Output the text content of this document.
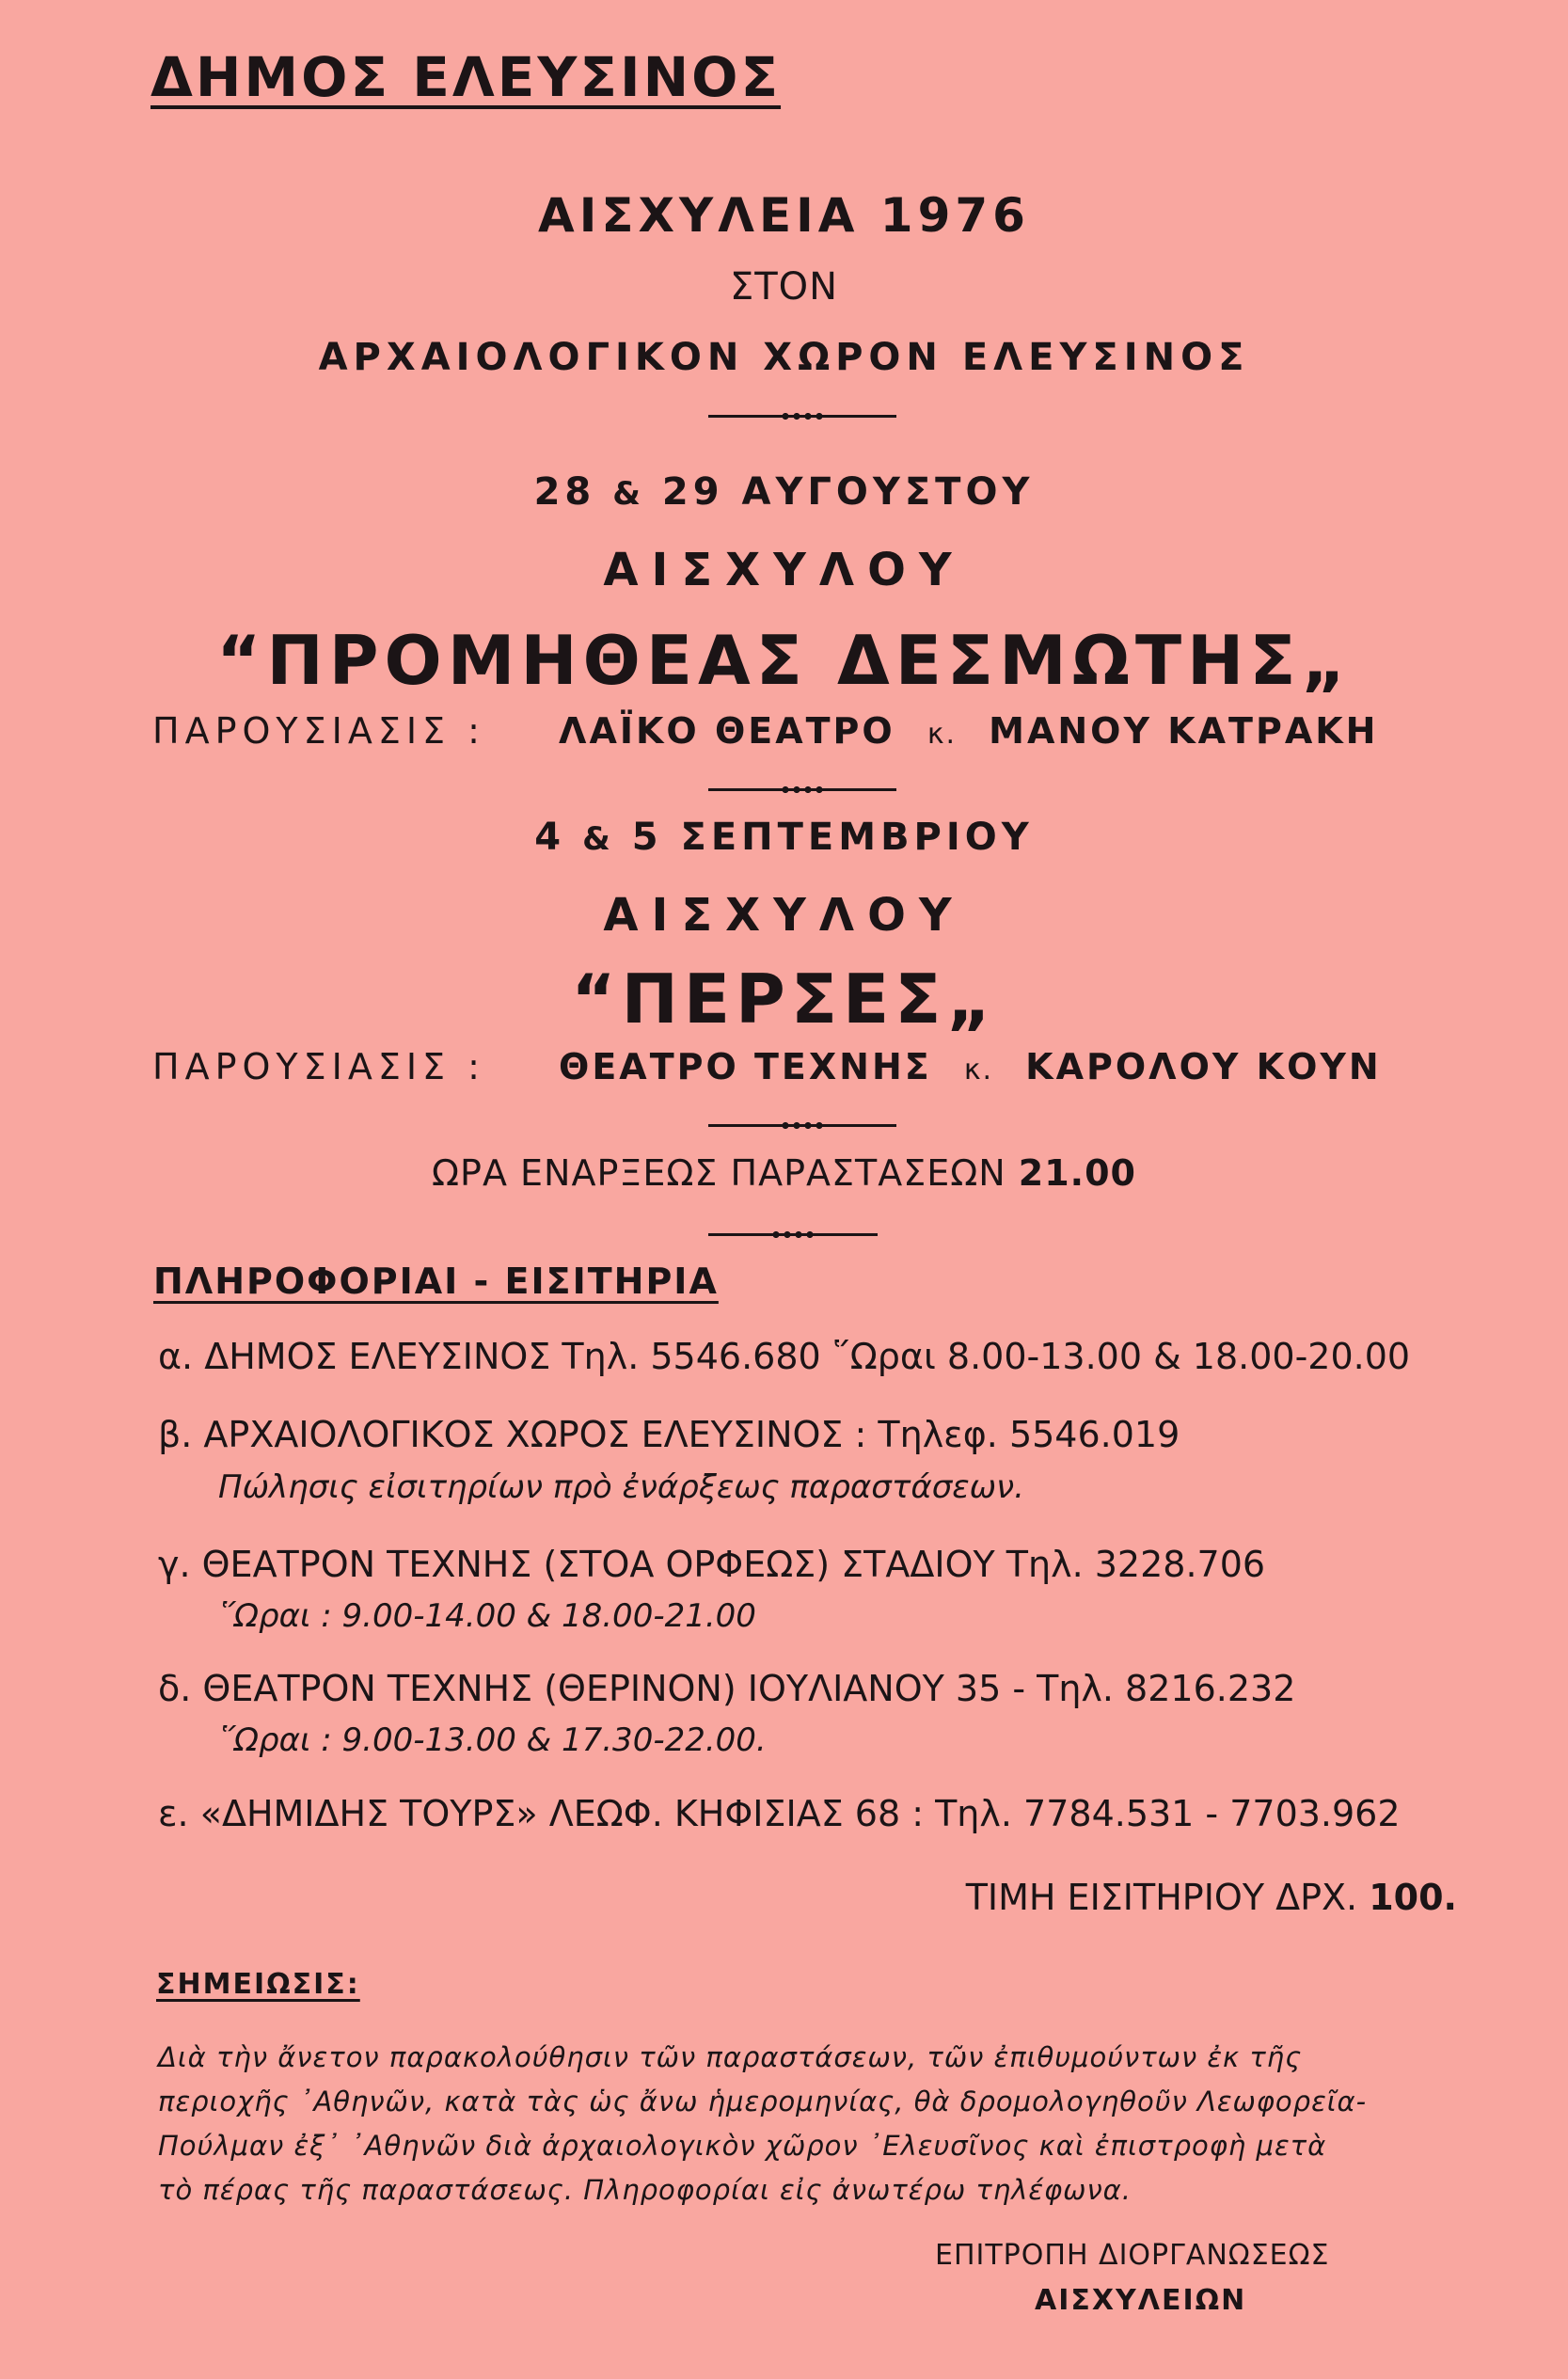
ΔΗΜΟΣ ΕΛΕΥΣΙΝΟΣ
ΑΙΣΧΥΛΕΙΑ 1976
ΣΤΟΝ
ΑΡΧΑΙΟΛΟΓΙΚΟΝ ΧΩΡΟΝ ΕΛΕΥΣΙΝΟΣ
28 & 29 ΑΥΓΟΥΣΤΟΥ
ΑΙΣΧΥΛΟΥ
“ΠΡΟΜΗΘΕΑΣ ΔΕΣΜΩΤΗΣ„
ΠΑΡΟΥΣΙΑΣΙΣ : ΛΑΪΚΟ ΘΕΑΤΡΟ κ. ΜΑΝΟΥ ΚΑΤΡΑΚΗ
4 & 5 ΣΕΠΤΕΜΒΡΙΟΥ
ΑΙΣΧΥΛΟΥ
“ΠΕΡΣΕΣ„
ΠΑΡΟΥΣΙΑΣΙΣ : ΘΕΑΤΡΟ ΤΕΧΝΗΣ κ. ΚΑΡΟΛΟΥ ΚΟΥΝ
ΩΡΑ ΕΝΑΡΞΕΩΣ ΠΑΡΑΣΤΑΣΕΩΝ 21.00
ΠΛΗΡΟΦΟΡΙΑΙ - ΕΙΣΙΤΗΡΙΑ
α. ΔΗΜΟΣ ΕΛΕΥΣΙΝΟΣ Τηλ. 5546.680 ῞Ωραι 8.00-13.00 & 18.00-20.00
β. ΑΡΧΑΙΟΛΟΓΙΚΟΣ ΧΩΡΟΣ ΕΛΕΥΣΙΝΟΣ : Τηλεφ. 5546.019
Πώλησις εἰσιτηρίων πρὸ ἐνάρξεως παραστάσεων.
γ. ΘΕΑΤΡΟΝ ΤΕΧΝΗΣ (ΣΤΟΑ ΟΡΦΕΩΣ) ΣΤΑΔΙΟΥ Τηλ. 3228.706
῞Ωραι : 9.00-14.00 & 18.00-21.00
δ. ΘΕΑΤΡΟΝ ΤΕΧΝΗΣ (ΘΕΡΙΝΟΝ) ΙΟΥΛΙΑΝΟΥ 35 - Τηλ. 8216.232
῞Ωραι : 9.00-13.00 & 17.30-22.00.
ε. «ΔΗΜΙΔΗΣ ΤΟΥΡΣ» ΛΕΩΦ. ΚΗΦΙΣΙΑΣ 68 : Τηλ. 7784.531 - 7703.962
ΤΙΜΗ ΕΙΣΙΤΗΡΙΟΥ ΔΡΧ. 100.
ΣΗΜΕΙΩΣΙΣ:
Διὰ τὴν ἄνετον παρακολούθησιν τῶν παραστάσεων, τῶν ἐπιθυμούντων ἐκ τῆς
περιοχῆς ᾿Αθηνῶν, κατὰ τὰς ὡς ἄνω ἡμερομηνίας, θὰ δρομολογηθοῦν Λεωφορεῖα-
Πούλμαν ἐξ᾿ ᾿Αθηνῶν διὰ ἀρχαιολογικὸν χῶρον ᾿Ελευσῖνος καὶ ἐπιστροφὴ μετὰ
τὸ πέρας τῆς παραστάσεως. Πληροφορίαι εἰς ἀνωτέρω τηλέφωνα.
ΕΠΙΤΡΟΠΗ ΔΙΟΡΓΑΝΩΣΕΩΣ
ΑΙΣΧΥΛΕΙΩΝ
